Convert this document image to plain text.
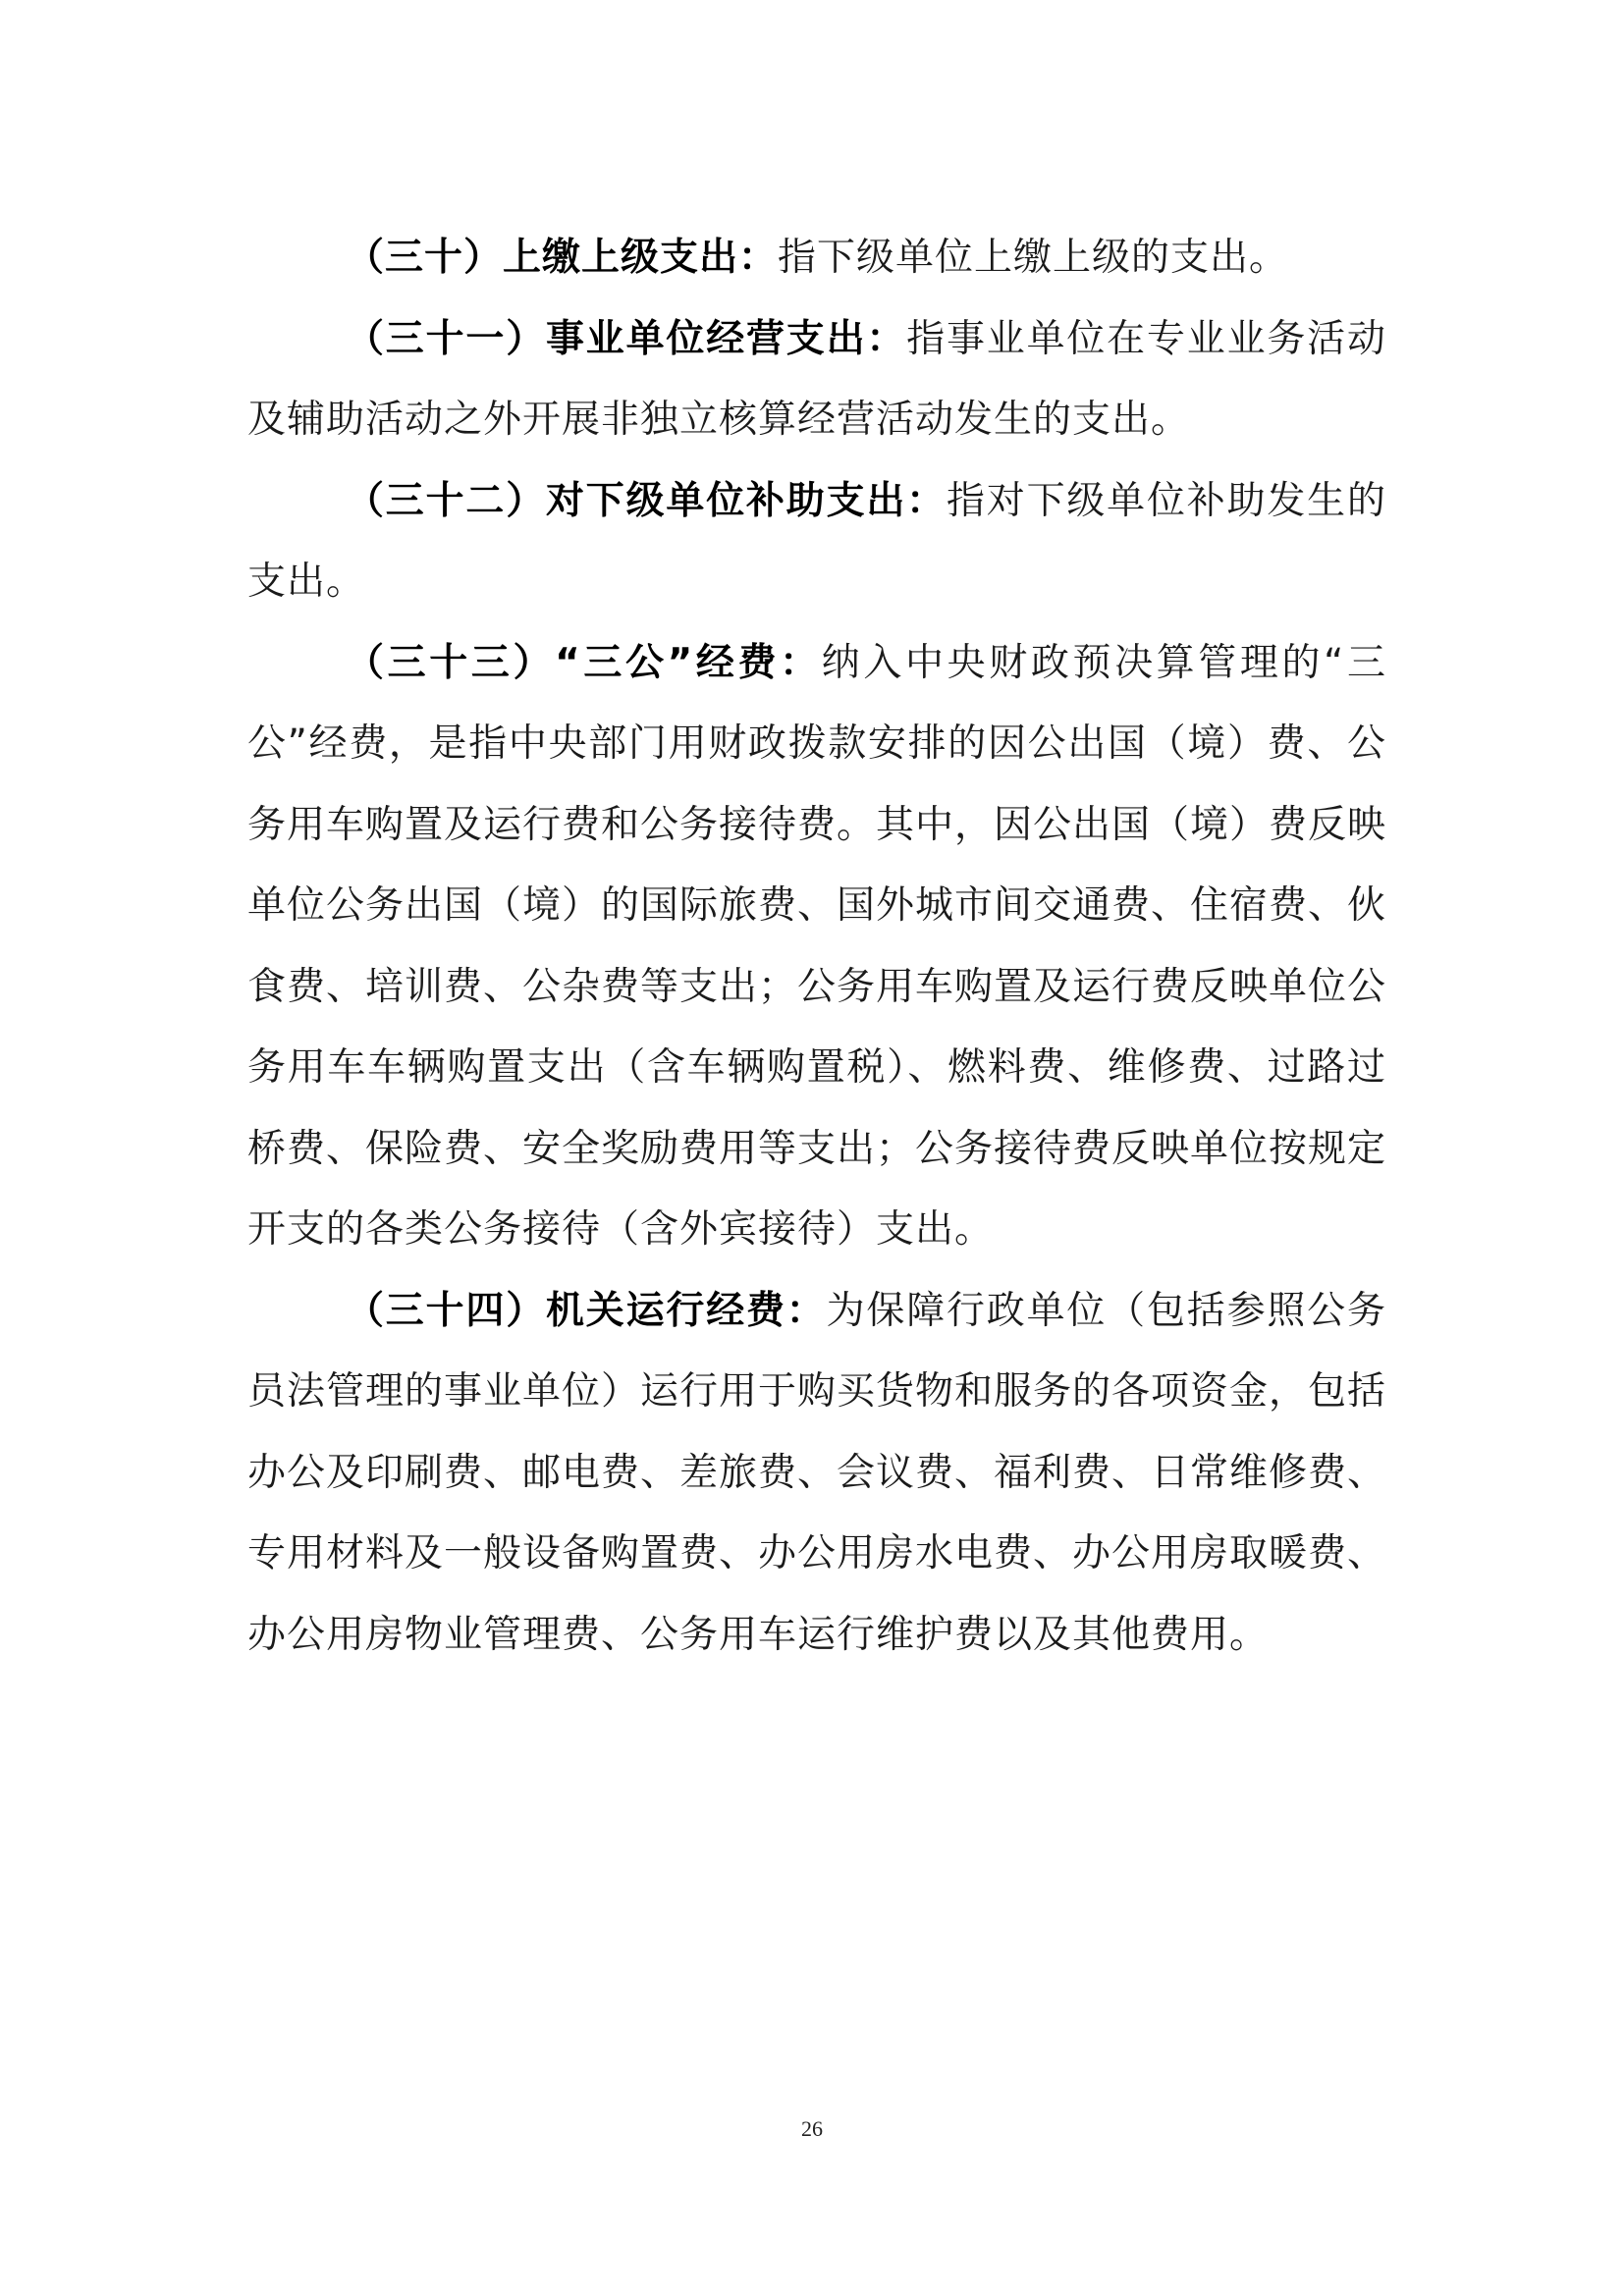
（三十）上缴上级支出：指下级单位上缴上级的支出。

（三十一）事业单位经营支出：指事业单位在专业业务活动及辅助活动之外开展非独立核算经营活动发生的支出。

（三十二）对下级单位补助支出：指对下级单位补助发生的支出。

（三十三）“三公”经费：纳入中央财政预决算管理的“三公”经费，是指中央部门用财政拨款安排的因公出国（境）费、公务用车购置及运行费和公务接待费。其中，因公出国（境）费反映单位公务出国（境）的国际旅费、国外城市间交通费、住宿费、伙食费、培训费、公杂费等支出；公务用车购置及运行费反映单位公务用车车辆购置支出（含车辆购置税）、燃料费、维修费、过路过桥费、保险费、安全奖励费用等支出；公务接待费反映单位按规定开支的各类公务接待（含外宾接待）支出。

（三十四）机关运行经费：为保障行政单位（包括参照公务员法管理的事业单位）运行用于购买货物和服务的各项资金，包括办公及印刷费、邮电费、差旅费、会议费、福利费、日常维修费、专用材料及一般设备购置费、办公用房水电费、办公用房取暖费、办公用房物业管理费、公务用车运行维护费以及其他费用。

26
